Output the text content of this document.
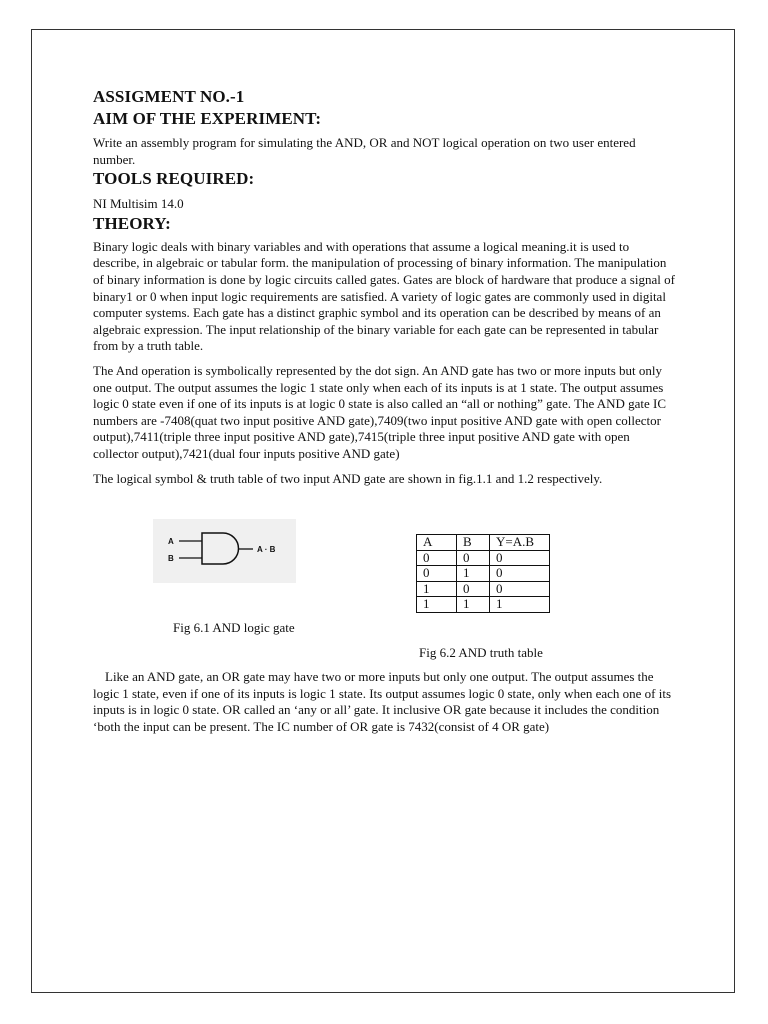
ASSIGMENT NO.-1
AIM OF THE EXPERIMENT:

Write an assembly program for simulating the AND, OR and NOT logical operation on two user entered number.

TOOLS REQUIRED:

NI Multisim 14.0

THEORY:

Binary logic deals with binary variables and with operations that assume a logical meaning.it is used to describe, in algebraic or tabular form. the manipulation of processing of binary information. The manipulation of binary information is done by logic circuits called gates. Gates are block of hardware that produce a signal of binary1 or 0 when input logic requirements are satisfied. A variety of logic gates are commonly used in digital computer systems. Each gate has a distinct graphic symbol and its operation can be described by means of an algebraic expression. The input relationship of the binary variable for each gate can be represented in tabular from by a truth table.

The And operation is symbolically represented by the dot sign. An AND gate has two or more inputs but only one output. The output assumes the logic 1 state only when each of its inputs is at 1 state. The output assumes logic 0 state even if one of its inputs is at logic 0 state is also called an “all or nothing” gate. The AND gate IC numbers are -7408(quat two input positive AND gate),7409(two input positive AND gate with open collector output),7411(triple three input positive AND gate),7415(triple three input positive AND gate with open collector output),7421(dual four inputs positive AND gate)

The logical symbol & truth table of two input AND gate are shown in fig.1.1 and 1.2 respectively.

A
B
A · B
Fig 6.1 AND logic gate
A	B	Y=A.B
0	0	0
0	1	0
1	0	0
1	1	1
Fig 6.2 AND truth table

Like an AND gate, an OR gate may have two or more inputs but only one output. The output assumes the logic 1 state, even if one of its inputs is logic 1 state. Its output assumes logic 0 state, only when each one of its inputs is in logic 0 state. OR called an ‘any or all’ gate. It inclusive OR gate because it includes the condition ‘both the input can be present. The IC number of OR gate is 7432(consist of 4 OR gate)
